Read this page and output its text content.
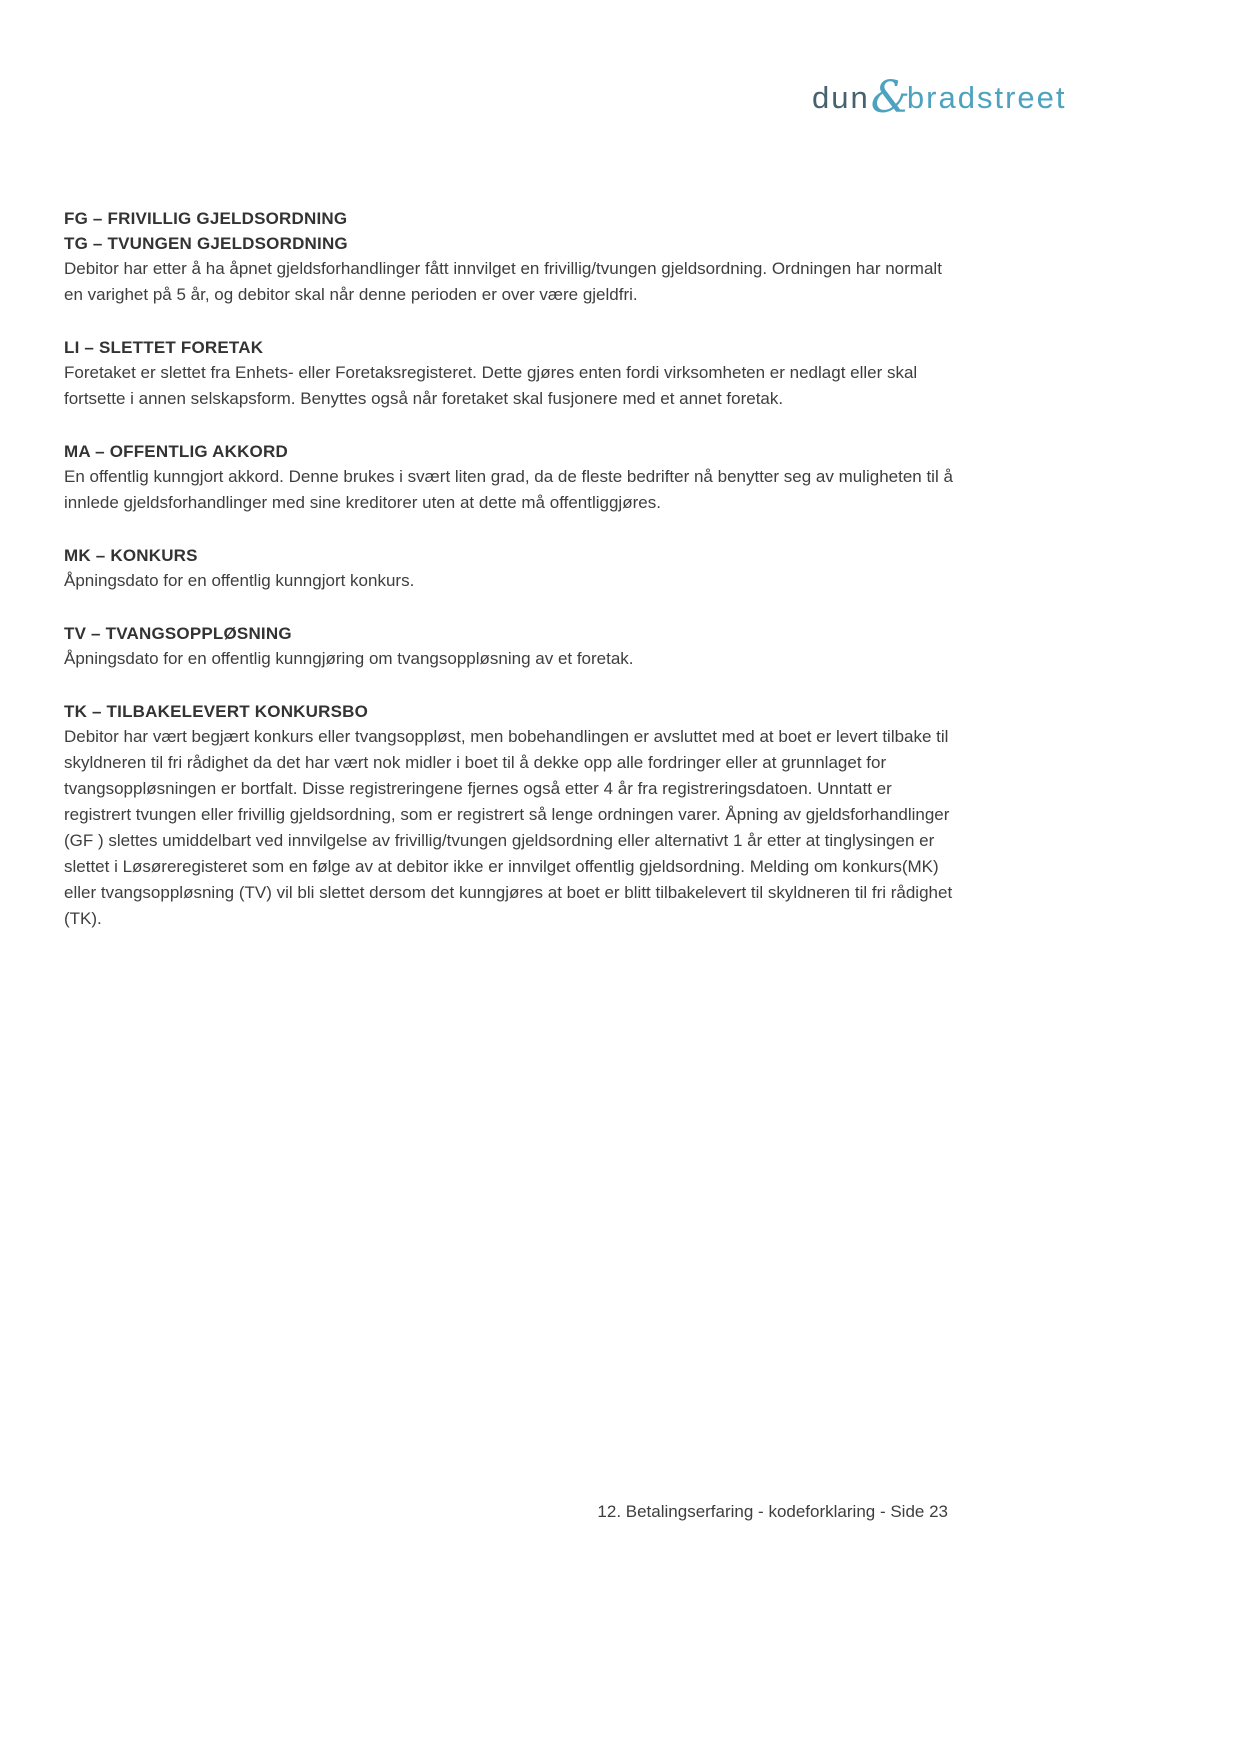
dun &
bradstreet
FG – FRIVILLIG GJELDSORDNING
TG – TVUNGEN GJELDSORDNING

Debitor har etter å ha åpnet gjeldsforhandlinger fått innvilget en frivillig/tvungen gjeldsordning. Ordningen har normalt en varighet på 5 år, og debitor skal når denne perioden er over være gjeldfri.

LI – SLETTET FORETAK

Foretaket er slettet fra Enhets- eller Foretaksregisteret. Dette gjøres enten fordi virksomheten er nedlagt eller skal fortsette i annen selskapsform. Benyttes også når foretaket skal fusjonere med et annet foretak.

MA – OFFENTLIG AKKORD

En offentlig kunngjort akkord. Denne brukes i svært liten grad, da de fleste bedrifter nå benytter seg av muligheten til å innlede gjeldsforhandlinger med sine kreditorer uten at dette må offentliggjøres.

MK – KONKURS

Åpningsdato for en offentlig kunngjort konkurs.

TV – TVANGSOPPLØSNING

Åpningsdato for en offentlig kunngjøring om tvangsoppløsning av et foretak.

TK – TILBAKELEVERT KONKURSBO

Debitor har vært begjært konkurs eller tvangsoppløst, men bobehandlingen er avsluttet med at boet er levert tilbake til skyldneren til fri rådighet da det har vært nok midler i boet til å dekke opp alle fordringer eller at grunnlaget for tvangsoppløsningen er bortfalt. Disse registreringene fjernes også etter 4 år fra registreringsdatoen. Unntatt er registrert tvungen eller frivillig gjeldsordning, som er registrert så lenge ordningen varer. Åpning av gjeldsforhandlinger (GF ) slettes umiddelbart ved innvilgelse av frivillig/tvungen gjeldsordning eller alternativt 1 år etter at tinglysingen er slettet i Løsøreregisteret som en følge av at debitor ikke er innvilget offentlig gjeldsordning. Melding om konkurs(MK) eller tvangsoppløsning (TV) vil bli slettet dersom det kunngjøres at boet er blitt tilbakelevert til skyldneren til fri rådighet (TK).

12. Betalingserfaring - kodeforklaring - Side 23
